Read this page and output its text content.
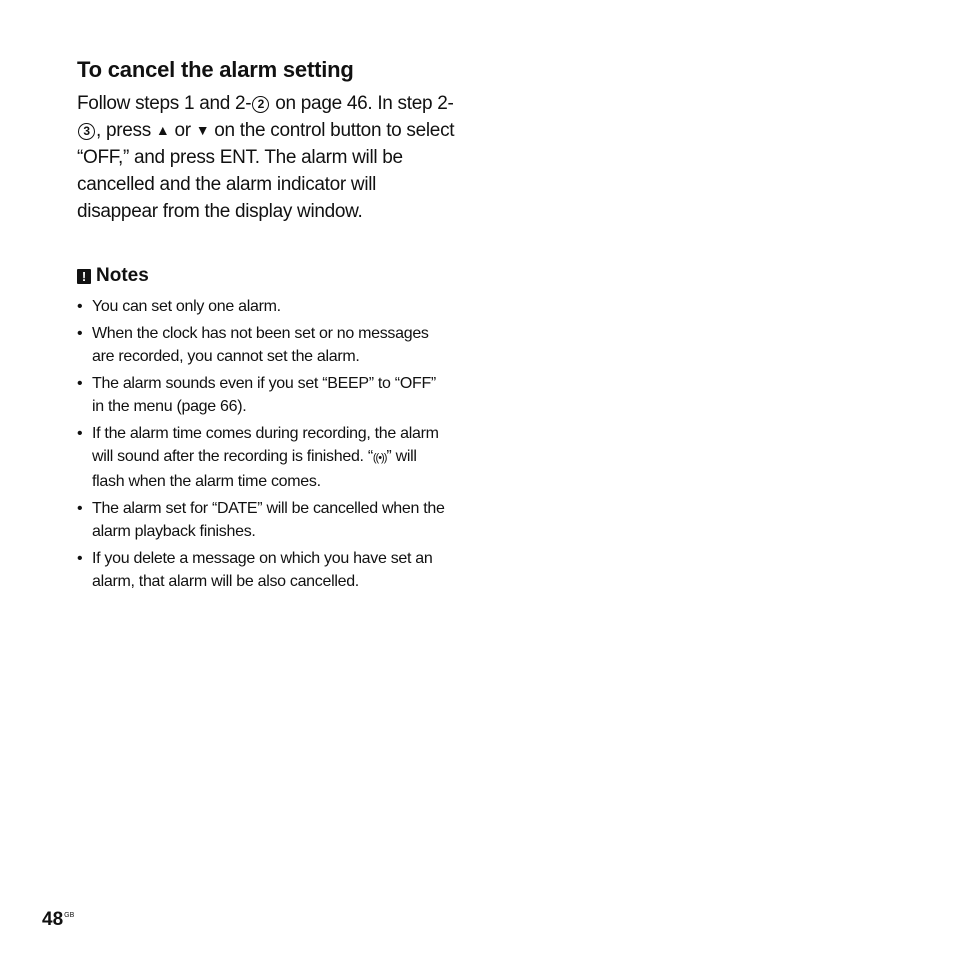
To cancel the alarm setting

Follow steps 1 and 2- 2 on page 46. In step 2-3 , press ▲ or ▼ on the control button to select “OFF,” and press ENT. The alarm will be cancelled and the alarm indicator will disappear from the display window.

! Notes
• You can set only one alarm.
• When the clock has not been set or no messages are recorded, you cannot set the alarm.
• The alarm sounds even if you set “BEEP” to “OFF” in the menu (page 66).
• If the alarm time comes during recording, the alarm will sound after the recording is finished. “((•))” will flash when the alarm time comes.
• The alarm set for “DATE” will be cancelled when the alarm playback finishes.
• If you delete a message on which you have set an alarm, that alarm will be also cancelled.
$48^{GB}$
